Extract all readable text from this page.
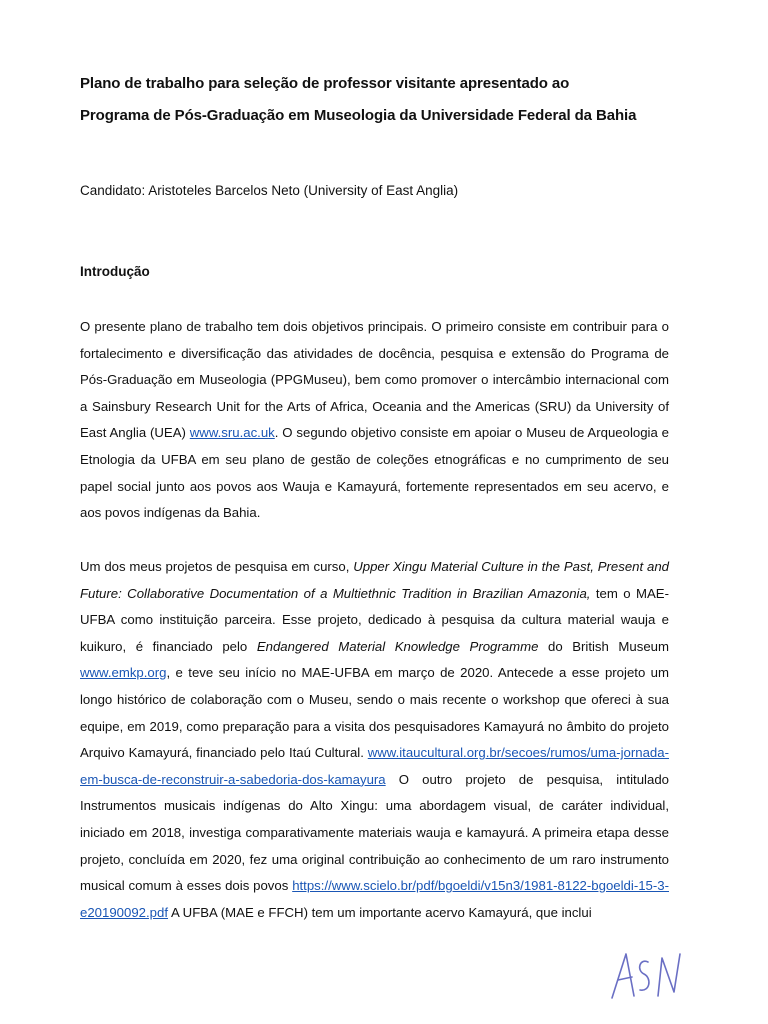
Plano de trabalho para seleção de professor visitante apresentado ao
Programa de Pós-Graduação em Museologia da Universidade Federal da Bahia
Candidato: Aristoteles Barcelos Neto (University of East Anglia)
Introdução
O presente plano de trabalho tem dois objetivos principais. O primeiro consiste em contribuir para o fortalecimento e diversificação das atividades de docência, pesquisa e extensão do Programa de Pós-Graduação em Museologia (PPGMuseu), bem como promover o intercâmbio internacional com a Sainsbury Research Unit for the Arts of Africa, Oceania and the Americas (SRU) da University of East Anglia (UEA) www.sru.ac.uk. O segundo objetivo consiste em apoiar o Museu de Arqueologia e Etnologia da UFBA em seu plano de gestão de coleções etnográficas e no cumprimento de seu papel social junto aos povos aos Wauja e Kamayurá, fortemente representados em seu acervo, e aos povos indígenas da Bahia.
Um dos meus projetos de pesquisa em curso, Upper Xingu Material Culture in the Past, Present and Future: Collaborative Documentation of a Multiethnic Tradition in Brazilian Amazonia, tem o MAE-UFBA como instituição parceira. Esse projeto, dedicado à pesquisa da cultura material wauja e kuikuro, é financiado pelo Endangered Material Knowledge Programme do British Museum www.emkp.org, e teve seu início no MAE-UFBA em março de 2020. Antecede a esse projeto um longo histórico de colaboração com o Museu, sendo o mais recente o workshop que ofereci à sua equipe, em 2019, como preparação para a visita dos pesquisadores Kamayurá no âmbito do projeto Arquivo Kamayurá, financiado pelo Itaú Cultural. www.itaucultural.org.br/secoes/rumos/uma-jornada-em-busca-de-reconstruir-a-sabedoria-dos-kamayura O outro projeto de pesquisa, intitulado Instrumentos musicais indígenas do Alto Xingu: uma abordagem visual, de caráter individual, iniciado em 2018, investiga comparativamente materiais wauja e kamayurá. A primeira etapa desse projeto, concluída em 2020, fez uma original contribuição ao conhecimento de um raro instrumento musical comum à esses dois povos https://www.scielo.br/pdf/bgoeldi/v15n3/1981-8122-bgoeldi-15-3-e20190092.pdf A UFBA (MAE e FFCH) tem um importante acervo Kamayurá, que inclui
